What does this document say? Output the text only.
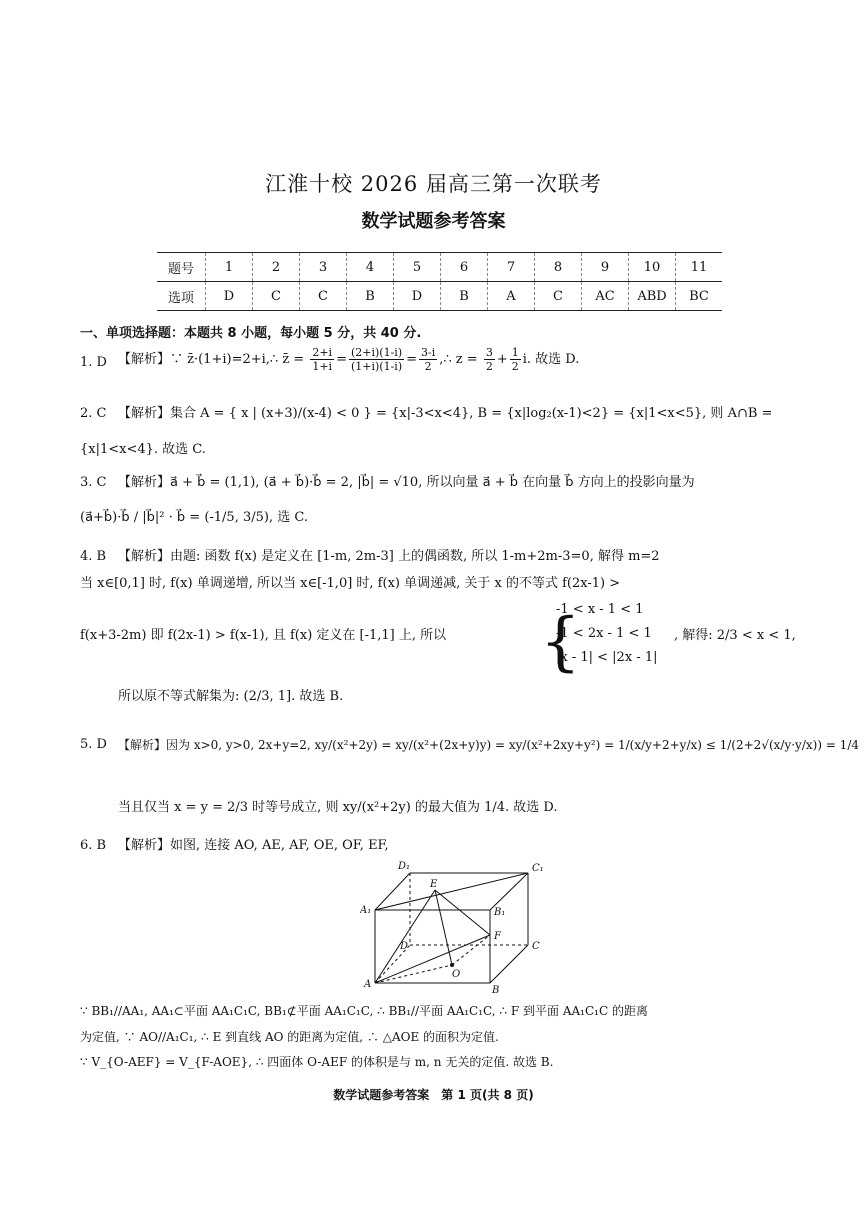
江淮十校 2026 届高三第一次联考
数学试题参考答案
题号	1	2	3	4	5	6	7	8	9	10	11
选项	D	C	C	B	D	B	A	C	AC	ABD	BC
一、单项选择题：本题共 8 小题，每小题 5 分，共 40 分.
1. D 【解析】∵ z̄·(1+i)=2+i,∴ z̄ = $\frac{2+i}{1+i} = \frac{(2+i)(1-i)}{(1+i)(1-i)} = \frac{3-i}{2}$ ,∴ $z = \frac{3}{2} + \frac{1}{2} i$. 故选 D.
2. C 【解析】集合 A = { x | (x+3)/(x-4) < 0 } = {x|-3<x<4}, B = {x|log₂(x-1)<2} = {x|1<x<5}, 则 A∩B =
{x|1<x<4}. 故选 C.
3. C 【解析】a⃗ + b⃗ = (1,1), (a⃗ + b⃗)·b⃗ = 2, |b⃗| = √10, 所以向量 a⃗ + b⃗ 在向量 b⃗ 方向上的投影向量为
(a⃗+b⃗)·b⃗ / |b⃗|² · b⃗ = (-1/5, 3/5), 选 C.
4. B 【解析】由题: 函数 f(x) 是定义在 [1-m, 2m-3] 上的偶函数, 所以 1-m+2m-3=0, 解得 m=2
当 x∈[0,1] 时, f(x) 单调递增, 所以当 x∈[-1,0] 时, f(x) 单调递减, 关于 x 的不等式 f(2x-1) >
f(x+3-2m) 即 f(2x-1) > f(x-1), 且 f(x) 定义在 [-1,1] 上, 所以 {
-1 < x - 1 < 1
-1 < 2x - 1 < 1
|x - 1| < |2x - 1|
, 解得: 2/3 < x < 1,
所以原不等式解集为: (2/3, 1]. 故选 B.
5. D 【解析】因为 x>0, y>0, 2x+y=2, xy/(x²+2y) = xy/(x²+(2x+y)y) = xy/(x²+2xy+y²) = 1/(x/y+2+y/x) ≤ 1/(2+2√(x/y·y/x)) = 1/4
当且仅当 x = y = 2/3 时等号成立, 则 xy/(x²+2y) 的最大值为 1/4. 故选 D.
6. B 【解析】如图, 连接 AO, AE, AF, OE, OF, EF,
D₁	C₁
A₁	B₁
D	C
A
B
E
F
O
∵ BB₁//AA₁, AA₁⊂平面 AA₁C₁C, BB₁⊄平面 AA₁C₁C, ∴ BB₁//平面 AA₁C₁C, ∴ F 到平面 AA₁C₁C 的距离
为定值, ∵ AO//A₁C₁, ∴ E 到直线 AO 的距离为定值, ∴ △AOE 的面积为定值.
∵ V_{O-AEF} = V_{F-AOE}, ∴ 四面体 O-AEF 的体积是与 m, n 无关的定值. 故选 B.
数学试题参考答案　第 1 页(共 8 页)
